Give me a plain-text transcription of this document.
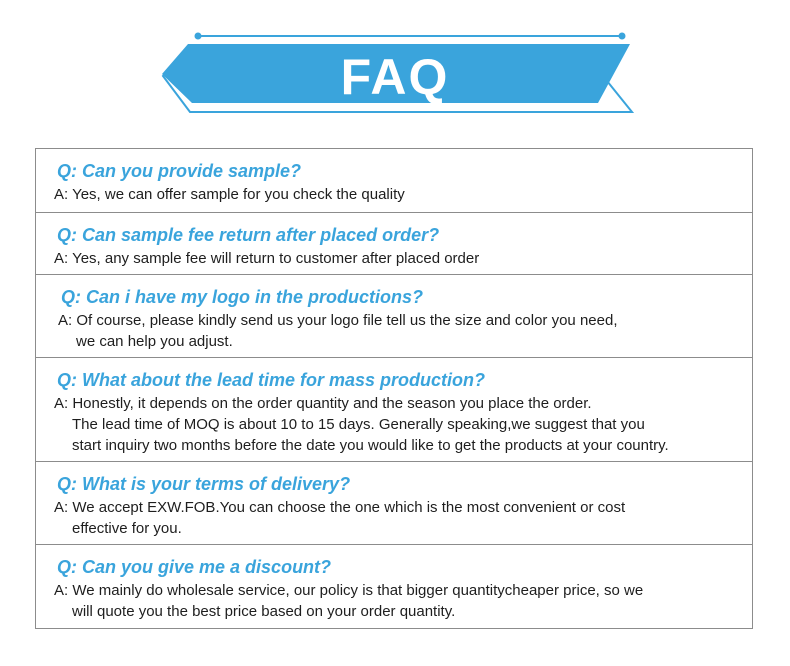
FAQ
Q: Can you provide sample?
A: Yes, we can offer sample for you check the quality
Q: Can sample fee return after placed order?
A: Yes, any sample fee will return to customer after placed order
Q: Can i have my logo in the productions?
A: Of course, please kindly send us your logo file tell us the size and color you need,
we can help you adjust.
Q: What about the lead time for mass production?
A: Honestly, it depends on the order quantity and the season you place the order.
The lead time of MOQ is about 10 to 15 days. Generally speaking,we suggest that you
start inquiry two months before the date you would like to get the products at your country.
Q: What is your terms of delivery?
A: We accept EXW.FOB.You can choose the one which is the most convenient or cost
effective for you.
Q: Can you give me a discount?
A: We mainly do wholesale service, our policy is that bigger quantitycheaper price, so we
will quote you the best price based on your order quantity.
